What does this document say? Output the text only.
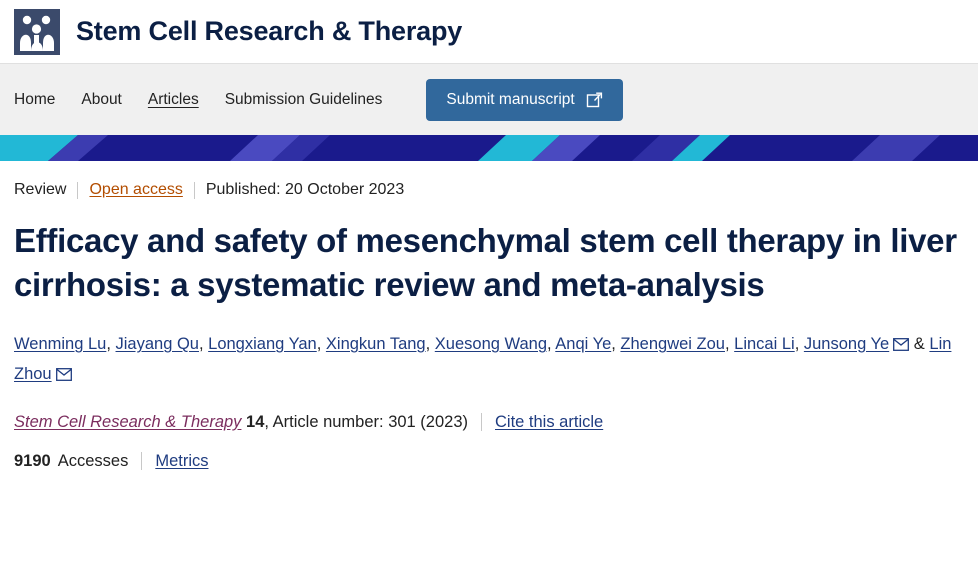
Stem Cell Research & Therapy
Home About Articles Submission Guidelines	Submit manuscript
Review Open access Published:
20 October 2023
Efficacy and safety of mesenchymal stem cell therapy in liver cirrhosis: a systematic review and meta-analysis
Wenming Lu, Jiayang Qu, Longxiang Yan, Xingkun Tang, Xuesong Wang, Anqi Ye, Zhengwei Zou, Lincai Li, Junsong Ye & Lin Zhou
Stem Cell Research & Therapy
14 , Article number: 301 (2023) Cite this article
9190 Accesses Metrics
